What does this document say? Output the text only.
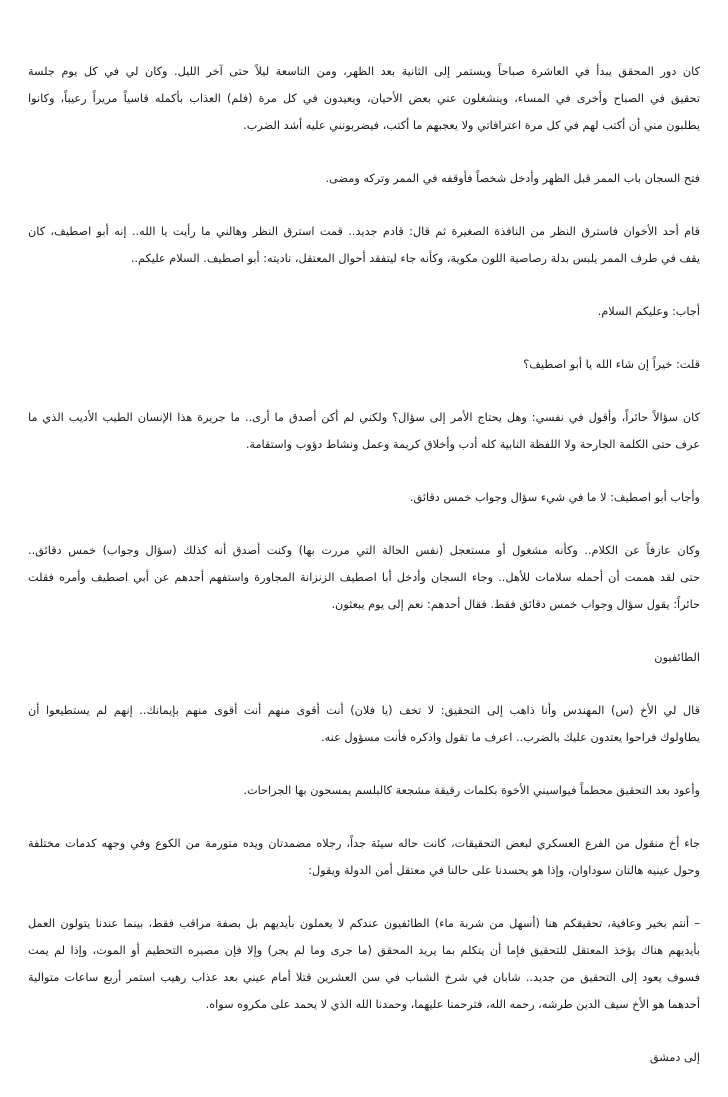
كان دور المحقق يبدأ في العاشرة صباحاً ويستمر إلى الثانية بعد الظهر، ومن التاسعة ليلاً حتى آخر الليل. وكان لي في كل يوم جلسة
تحقيق في الصباح وأخرى في المساء، وينشغلون عني بعض الأحيان، ويعيدون في كل مرة (فلم) العذاب بأكمله قاسياً مريراً رعيباً، وكانوا
يطلبون مني أن أكتب لهم في كل مرة اعترافاتي ولا يعجبهم ما أكتب، فيضربونني عليه أشد الضرب.

فتح السجان باب الممر قبل الظهر وأدخل شخصاً فأوقفه في الممر وتركه ومضى.

قام أحد الأخوان فاسترق النظر من النافذة الصغيرة ثم قال: قادم جديد.. قمت استرق النظر وهالني ما رأيت يا الله.. إنه أبو اصطيف، كان
يقف في طرف الممر يلبس بدلة رصاصية اللون مكوية، وكأنه جاء ليتفقد أحوال المعتقل، ناديته: أبو اصطيف. السلام عليكم..

أجاب: وعليكم السلام.

قلت: خيراً إن شاء الله يا أبو اصطيف؟

كان سؤالاً حائراً، وأقول في نفسي: وهل يحتاج الأمر إلى سؤال؟ ولكني لم أكن أصدق ما أرى.. ما جريرة هذا الإنسان الطيب الأديب الذي ما
عرف حتى الكلمة الجارحة ولا اللفظة النابية كله أدب وأخلاق كريمة وعمل ونشاط دؤوب واستقامة.

وأجاب أبو اصطيف: لا ما في شيء سؤال وجواب خمس دقائق.

وكان عازفاً عن الكلام.. وكأنه مشغول أو مستعجل (نفس الحالة التي مررت بها) وكنت أصدق أنه كذلك (سؤال وجواب) خمس دقائق..
حتى لقد هممت أن أحمله سلامات للأهل.. وجاء السجان وأدخل أبا اصطيف الزنزانة المجاورة واستفهم أحدهم عن أبي اصطيف وأمره فقلت
حائراً: يقول سؤال وجواب خمس دقائق فقط. فقال أحدهم: نعم إلى يوم يبعثون.

الطائفيون

قال لي الأخ (س) المهندس وأنا ذاهب إلى التحقيق: لا تخف (يا فلان) أنت أقوى منهم أنت أقوى منهم بإيمانك.. إنهم لم يستطيعوا أن
يطاولوك فراحوا يعتدون عليك بالضرب.. اعرف ما تقول واذكره فأنت مسؤول عنه.

وأعود بعد التحقيق محطماً فيواسيني الأخوة بكلمات رقيقة مشجعة كالبلسم يمسحون بها الجراحات.

جاء أخ منقول من الفرع العسكري لبعض التحقيقات، كانت حاله سيئة جداً، رجلاه مضمدتان ويده متورمة من الكوع وفي وجهه كدمات مختلفة
وحول عينيه هالتان سوداوان، وإذا هو يحسدنا على حالنا في معتقل أمن الدولة ويقول:

– أنتم بخير وعافية، تحقيقكم هنا (أسهل من شربة ماء) الطائفيون عندكم لا يعملون بأيديهم بل بصفة مراقب فقط، بينما عندنا يتولون العمل
بأيديهم هناك يؤخذ المعتقل للتحقيق فإما أن يتكلم بما يريد المحقق (ما جرى وما لم يجر) وإلا فإن مصيره التحطيم أو الموت، وإذا لم يمت
فسوف يعود إلى التحقيق من جديد.. شابان في شرخ الشباب في سن العشرين قتلا أمام عيني بعد عذاب رهيب استمر أربع ساعات متوالية
أحدهما هو الأخ سيف الدين طرشه، رحمه الله، فترحمنا عليهما، وحمدنا الله الذي لا يحمد على مكروه سواه.

إلى دمشق
